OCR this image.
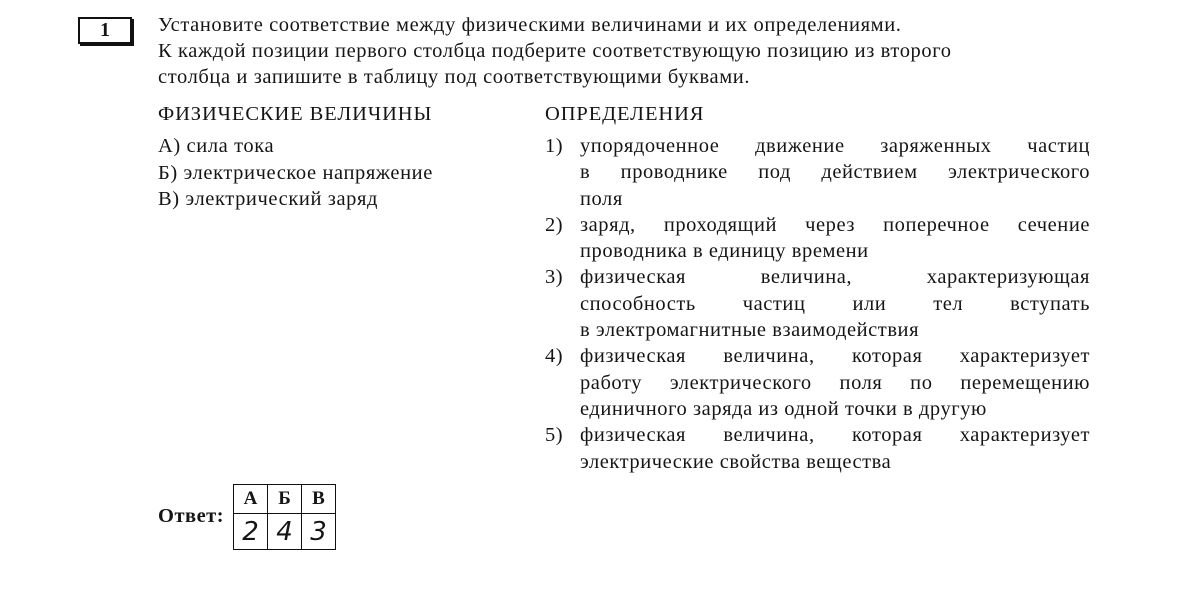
1	Установите соответствие между физическими величинами и их определениями.
К каждой позиции первого столбца подберите соответствующую позицию из второго
столбца и запишите в таблицу под соответствующими буквами.
ФИЗИЧЕСКИЕ ВЕЛИЧИНЫ	ОПРЕДЕЛЕНИЯ
А) сила тока
Б) электрическое напряжение
В) электрический заряд
1) упорядоченное движение заряженных частиц
в проводнике под действием электрического
поля
2) заряд, проходящий через поперечное сечение
проводника в единицу времени
3) физическая величина, характеризующая
способность частиц или тел вступать
в электромагнитные взаимодействия
4) физическая величина, которая характеризует
работу электрического поля по перемещению
единичного заряда из одной точки в другую
5) физическая величина, которая характеризует
электрические свойства вещества
Ответ:
А	Б	В
2	4	3
